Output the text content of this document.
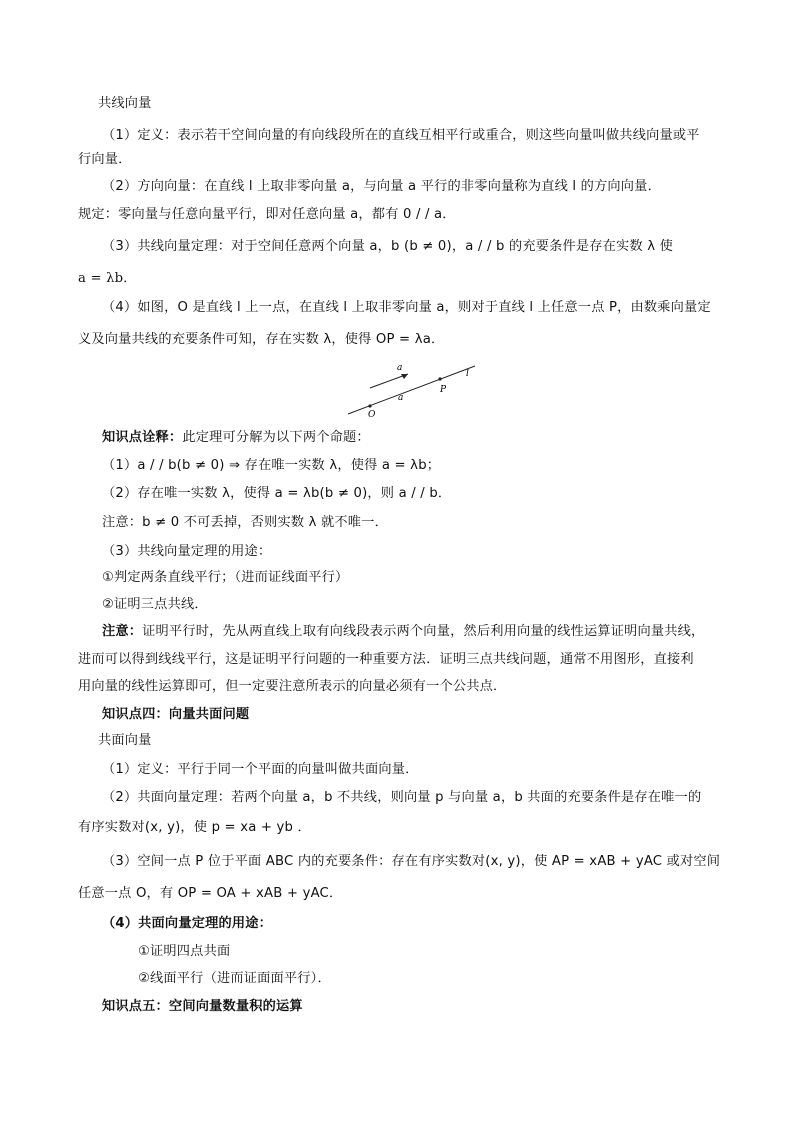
共线向量
（1）定义：表示若干空间向量的有向线段所在的直线互相平行或重合，则这些向量叫做共线向量或平
行向量．
（2）方向向量：在直线 l 上取非零向量 a，与向量 a 平行的非零向量称为直线 l 的方向向量．
规定：零向量与任意向量平行，即对任意向量 a，都有 0 / / a．
（3）共线向量定理：对于空间任意两个向量 a，b (b ≠ 0)，a / / b 的充要条件是存在实数 λ 使
a = λb．
（4）如图，O 是直线 l 上一点，在直线 l 上取非零向量 a，则对于直线 l 上任意一点 P，由数乘向量定
义及向量共线的充要条件可知，存在实数 λ，使得 OP = λa．
a
a
P
O
l
知识点诠释：此定理可分解为以下两个命题：
（1）a / / b(b ≠ 0) ⇒ 存在唯一实数 λ，使得 a = λb；
（2）存在唯一实数 λ，使得 a = λb(b ≠ 0)，则 a / / b．
注意：b ≠ 0 不可丢掉，否则实数 λ 就不唯一．
（3）共线向量定理的用途：
①判定两条直线平行；（进而证线面平行）
②证明三点共线．
注意：证明平行时，先从两直线上取有向线段表示两个向量，然后利用向量的线性运算证明向量共线，
进而可以得到线线平行，这是证明平行问题的一种重要方法．证明三点共线问题，通常不用图形，直接利
用向量的线性运算即可，但一定要注意所表示的向量必须有一个公共点．
知识点四：向量共面问题
共面向量
（1）定义：平行于同一个平面的向量叫做共面向量．
（2）共面向量定理：若两个向量 a，b 不共线，则向量 p 与向量 a，b 共面的充要条件是存在唯一的
有序实数对(x, y)，使 p = xa + yb ．
（3）空间一点 P 位于平面 ABC 内的充要条件：存在有序实数对(x, y)，使 AP = xAB + yAC 或对空间
任意一点 O，有 OP = OA + xAB + yAC．
（4）共面向量定理的用途：
①证明四点共面
②线面平行（进而证面面平行）．
知识点五：空间向量数量积的运算
